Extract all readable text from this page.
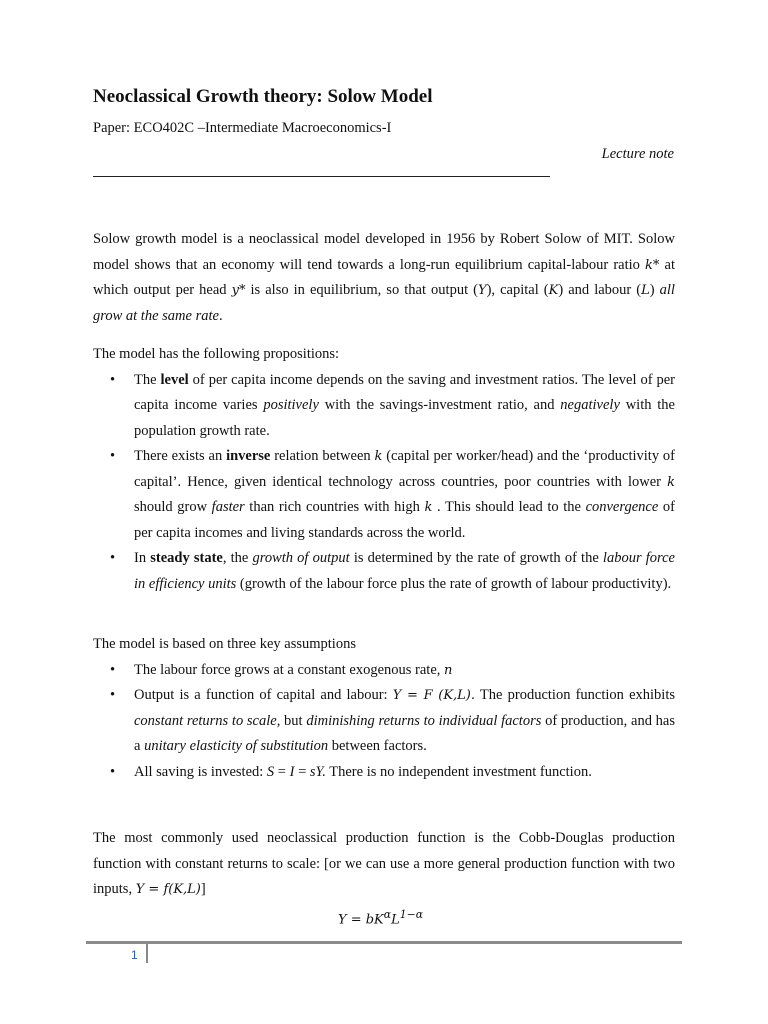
Neoclassical Growth theory: Solow Model
Paper: ECO402C –Intermediate Macroeconomics-I
Lecture note

Solow growth model is a neoclassical model developed in 1956 by Robert Solow of MIT. Solow model shows that an economy will tend towards a long-run equilibrium capital-labour ratio k* at which output per head y* is also in equilibrium, so that output (Y), capital (K) and labour (L) all grow at the same rate.

The model has the following propositions:

• The level of per capita income depends on the saving and investment ratios. The level of per capita income varies positively with the savings-investment ratio, and negatively with the population growth rate.
• There exists an inverse relation between k (capital per worker/head) and the ‘productivity of capital’. Hence, given identical technology across countries, poor countries with lower k should grow faster than rich countries with high k . This should lead to the convergence of per capita incomes and living standards across the world.
• In steady state, the growth of output is determined by the rate of growth of the labour force in efficiency units (growth of the labour force plus the rate of growth of labour productivity).

The model is based on three key assumptions

• The labour force grows at a constant exogenous rate, n
• Output is a function of capital and labour: Y = F (K,L). The production function exhibits constant returns to scale, but diminishing returns to individual factors of production, and has a unitary elasticity of substitution between factors.
• All saving is invested: S = I = sY. There is no independent investment function.

The most commonly used neoclassical production function is the Cobb-Douglas production function with constant returns to scale: [or we can use a more general production function with two inputs, Y = f(K,L)]

$Y = bK^\alpha L^{1-\alpha}$
1
